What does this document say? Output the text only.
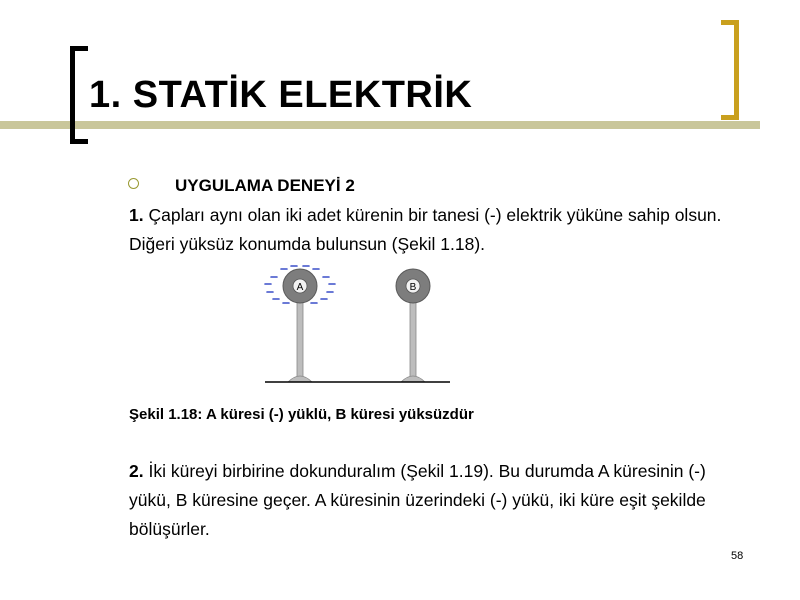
1. STATİK ELEKTRİK
UYGULAMA DENEYİ 2
1. Çapları aynı olan iki adet kürenin bir tanesi (-) elektrik yüküne sahip olsun. Diğeri yüksüz konumda bulunsun (Şekil 1.18).
A	B
Şekil 1.18: A küresi (-) yüklü, B küresi yüksüzdür
2. İki küreyi birbirine dokunduralım (Şekil 1.19). Bu durumda A küresinin (-) yükü, B küresine geçer. A küresinin üzerindeki (-) yükü, iki küre eşit şekilde bölüşürler.
58
